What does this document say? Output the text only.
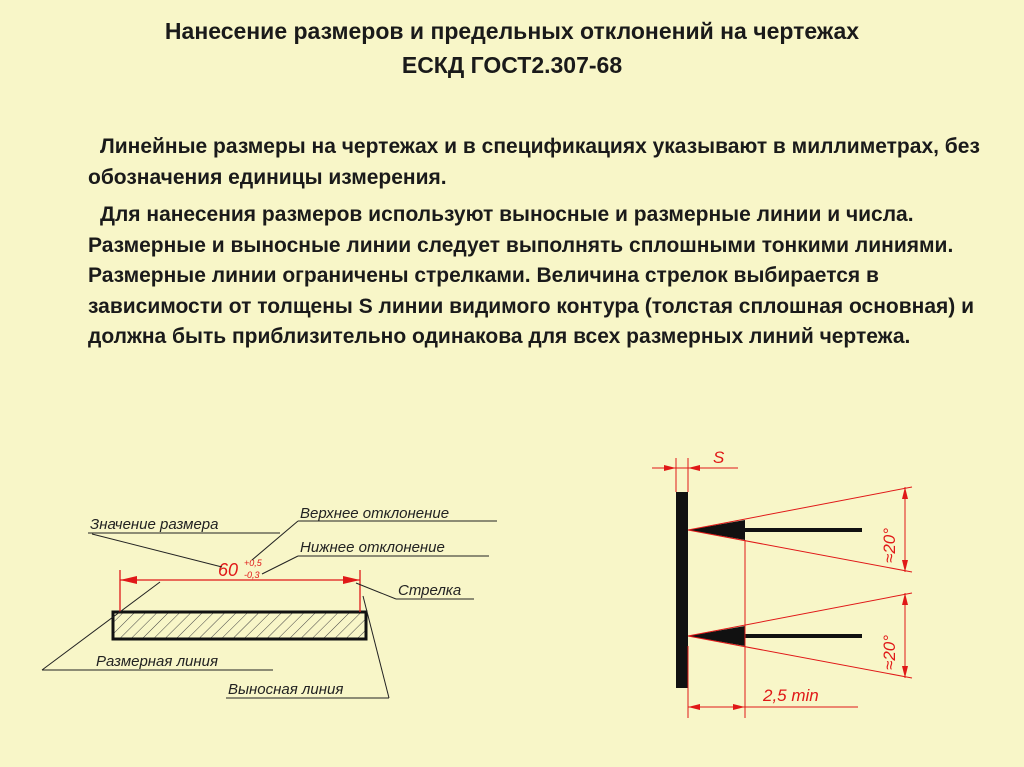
Нанесение размеров и предельных отклонений на чертежах
ЕСКД ГОСТ2.307-68
Линейные размеры на чертежах и в спецификациях указывают в миллиметрах, без обозначения единицы измерения.
Для нанесения размеров используют выносные и размерные линии и числа. Размерные и выносные линии следует выполнять сплошными тонкими линиями. Размерные линии ограничены стрелками. Величина стрелок выбирается в зависимости от толщены S линии видимого контура (толстая сплошная основная) и должна быть приблизительно одинакова для всех размерных линий чертежа.
60 +0,5
-0,3
Значение размера
Верхнее отклонение
Нижнее отклонение
Стрелка
Размерная линия
Выносная линия
S
≈20°
≈20°
2,5 min
